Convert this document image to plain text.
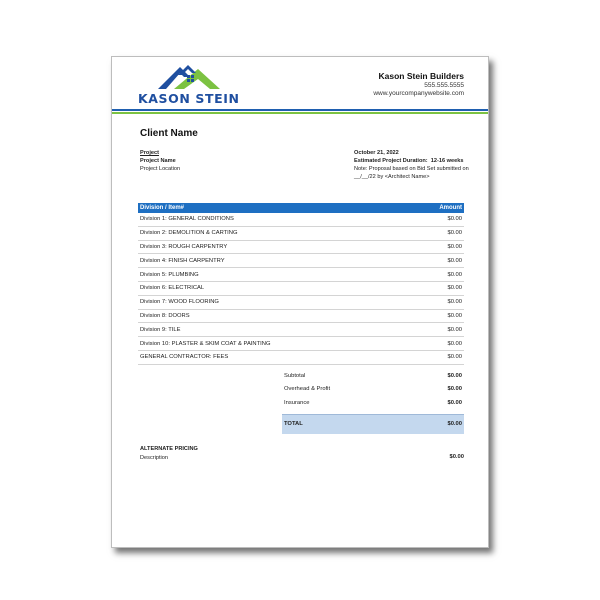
KASON STEIN
Kason Stein Builders
555.555.5555
www.yourcompanywebsite.com
Client Name
Project
Project Name
Project Location
October 21, 2022
Estimated Project Duration: 12-16 weeks
Note: Proposal based on Bid Set submitted on
__/__/22 by <Architect Name>
Division / Item#	Amount
Division 1: GENERAL CONDITIONS	$0.00
Division 2: DEMOLITION & CARTING	$0.00
Division 3: ROUGH CARPENTRY	$0.00
Division 4: FINISH CARPENTRY	$0.00
Division 5: PLUMBING	$0.00
Division 6: ELECTRICAL	$0.00
Division 7: WOOD FLOORING	$0.00
Division 8: DOORS	$0.00
Division 9: TILE	$0.00
Division 10: PLASTER & SKIM COAT & PAINTING	$0.00
GENERAL CONTRACTOR: FEES	$0.00
Subtotal	$0.00
Overhead & Profit	$0.00
Insurance	$0.00
TOTAL	$0.00
ALTERNATE PRICING
Description	$0.00
